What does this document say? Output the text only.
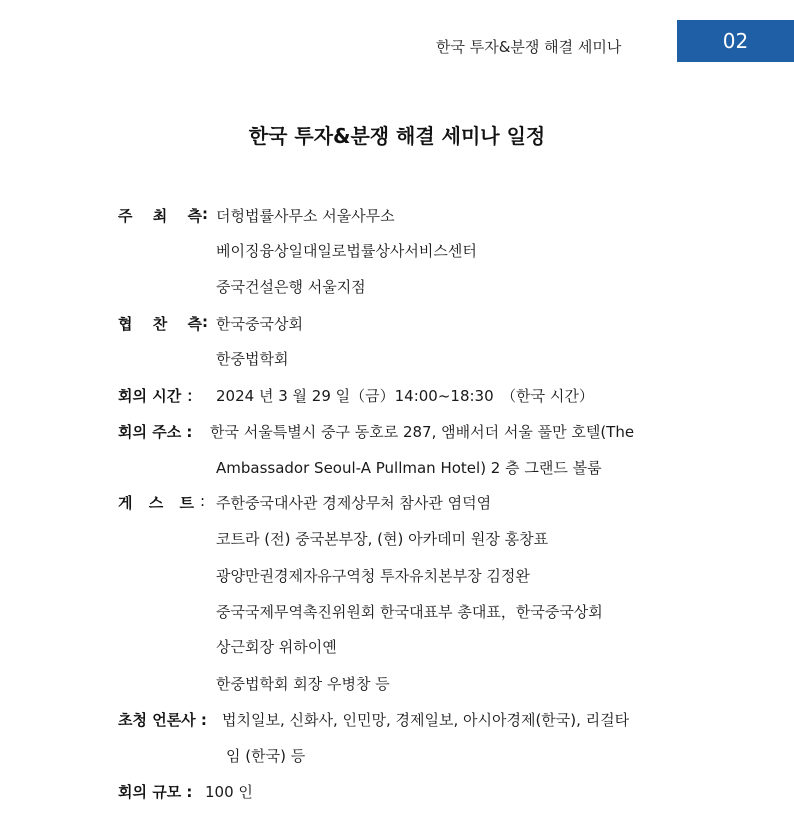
한국 투자&분쟁 해결 세미나	02
한국 투자&분쟁 해결 세미나 일정
주 최 측 : 더헝법률사무소 서울사무소
베이징융상일대일로법률상사서비스센터
중국건설은행 서울지점
협 찬 측 : 한국중국상회
한중법학회
회의 시간 ： 2024 년 3 월 29 일（금）14:00~18:30　（한국 시간）
회의 주소 : 한국 서울특별시 중구 동호로 287, 앰배서더 서울 풀만 호텔(The
Ambassador Seoul-A Pullman Hotel) 2 층 그랜드 볼룸
게 스 트 : 주한중국대사관 경제상무처 참사관 염덕염
코트라 (전) 중국본부장, (현) 아카데미 원장 홍창표
광양만권경제자유구역청 투자유치본부장 김정완
중국국제무역촉진위원회 한국대표부 총대표，한국중국상회
상근회장 위하이옌
한중법학회 회장 우병창 등
초청 언론사 : 법치일보, 신화사, 인민망, 경제일보, 아시아경제(한국), 리걸타
임 (한국) 등
회의 규모 : 100 인
